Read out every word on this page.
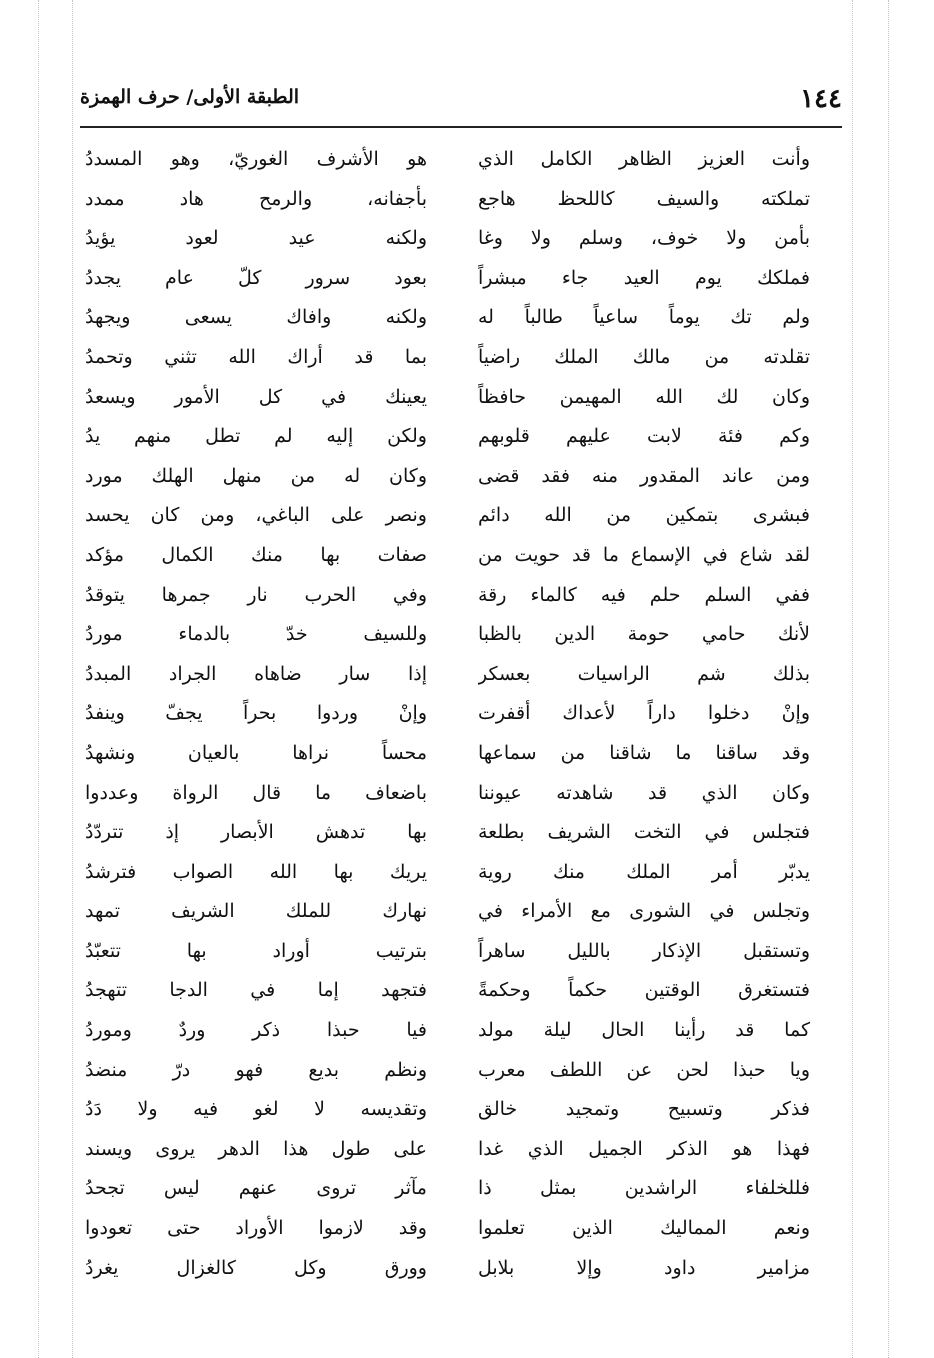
١٤٤
الطبقة الأولى/ حرف الهمزة
وأنت العزيز الظاهر الكامل الذي
تملكته والسيف كاللحظ هاجع
بأمن ولا خوف، وسلم ولا وغا
فملكك يوم العيد جاء مبشراً
ولم تك يوماً ساعياً طالباً له
تقلدته من مالك الملك راضياً
وكان لك الله المهيمن حافظاً
وكم فئة لابت عليهم قلوبهم
ومن عاند المقدور منه فقد قضى
فبشرى بتمكين من الله دائم
لقد شاع في الإسماع ما قد حويت من
ففي السلم حلم فيه كالماء رقة
لأنك حامي حومة الدين بالظبا
بذلك شم الراسيات بعسكر
وإنْ دخلوا داراً لأعداك أقفرت
وقد ساقنا ما شاقنا من سماعها
وكان الذي قد شاهدته عيوننا
فتجلس في التخت الشريف بطلعة
يدبّر أمر الملك منك روية
وتجلس في الشورى مع الأمراء في
وتستقبل الإذكار بالليل ساهراً
فتستغرق الوقتين حكماً وحكمةً
كما قد رأينا الحال ليلة مولد
ويا حبذا لحن عن اللطف معرب
فذكر وتسبيح وتمجيد خالق
فهذا هو الذكر الجميل الذي غدا
فللخلفاء الراشدين بمثل ذا
ونعم المماليك الذين تعلموا
مزامير داود وإلا بلابل
هو الأشرف الغوريّ، وهو المسددُ
بأجفانه، والرمح هاد ممدد
ولكنه عيد لعود يؤيدُ
بعود سرور كلّ عام يجددُ
ولكنه وافاك يسعى ويجهدُ
بما قد أراك الله تثني وتحمدُ
يعينك في كل الأمور ويسعدُ
ولكن إليه لم تطل منهم يدُ
وكان له من منهل الهلك مورد
ونصر على الباغي، ومن كان يحسد
صفات بها منك الكمال مؤكد
وفي الحرب نار جمرها يتوقدُ
وللسيف خدّ بالدماء موردُ
إذا سار ضاهاه الجراد المبددُ
وإنْ وردوا بحراً يجفّ وينفدُ
محساً نراها بالعيان ونشهدُ
باضعاف ما قال الرواة وعددوا
بها تدهش الأبصار إذ تتردّدُ
يريك بها الله الصواب فترشدُ
نهارك للملك الشريف تمهد
بترتيب أوراد بها تتعبّدُ
فتجهد إما في الدجا تتهجدُ
فيا حبذا ذكر وردٌ وموردُ
ونظم بديع فهو درّ منضدُ
وتقديسه لا لغو فيه ولا دَدُ
على طول هذا الدهر يروى ويسند
مآثر تروى عنهم ليس تجحدُ
وقد لازموا الأوراد حتى تعودوا
وورق وكل كالغزال يغردُ
